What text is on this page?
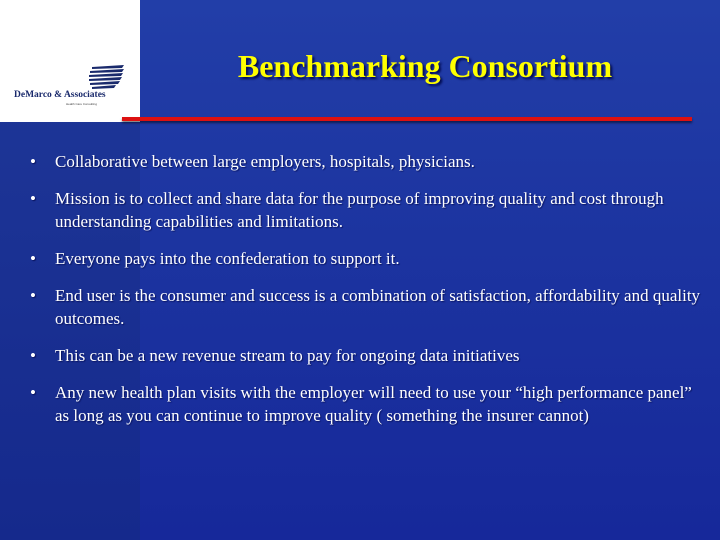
DeMarco & Associates
Health Care Consulting
Benchmarking Consortium
• Collaborative between large employers, hospitals, physicians.
• Mission is to collect and share data for the purpose of improving quality and cost through understanding capabilities and limitations.
• Everyone pays into the confederation to support it.
• End user is the consumer and success is a combination of satisfaction, affordability and quality outcomes.
• This can be a new revenue stream to pay for ongoing data initiatives
• Any new health plan visits with the employer will need to use your “high performance panel” as long as you can continue to improve quality ( something the insurer cannot)
